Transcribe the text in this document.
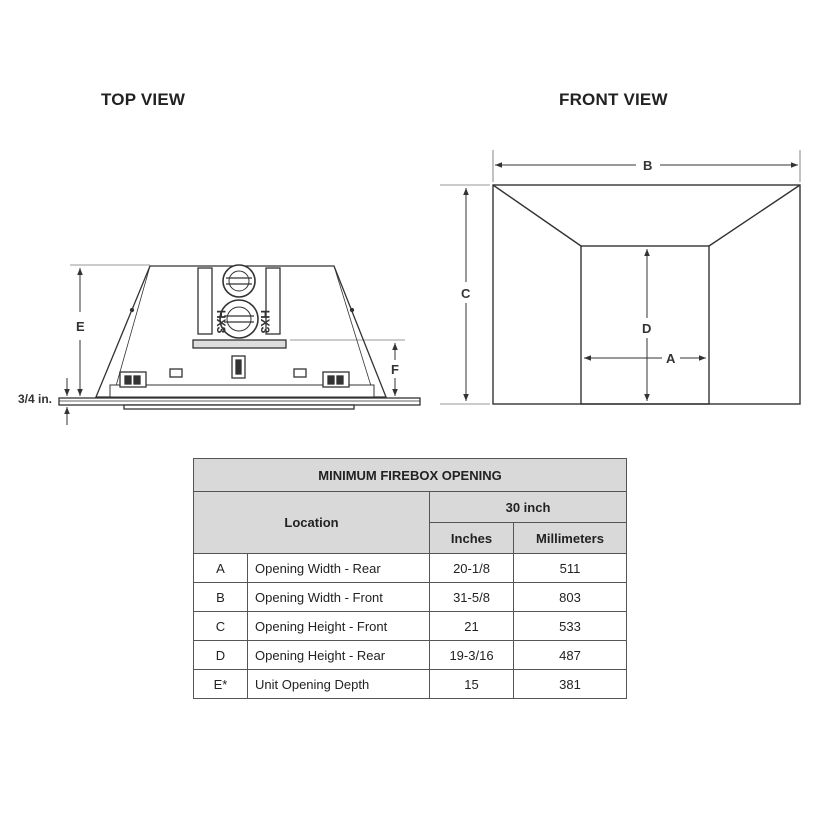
TOP VIEW	FRONT VIEW
HX3	HX3
E
F
3/4 in.
B
C
D
A
MINIMUM FIREBOX OPENING			
Location		30 inch	
		Inches	Millimeters
A	Opening Width - Rear	20-1/8	511
B	Opening Width - Front	31-5/8	803
C	Opening Height - Front	21	533
D	Opening Height - Rear	19-3/16	487
E*	Unit Opening Depth	15	381
